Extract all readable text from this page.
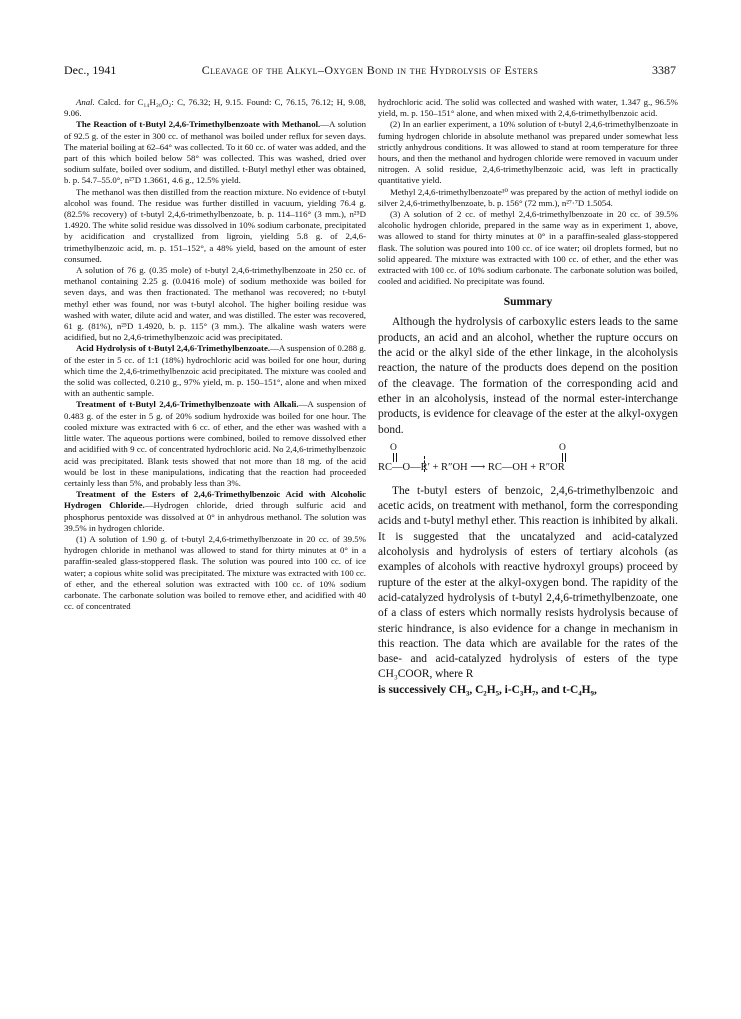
Dec., 1941	Cleavage of the Alkyl–Oxygen Bond in the Hydrolysis of Esters	3387

Anal. Calcd. for C₁₄H₂₀O₂: C, 76.32; H, 9.15. Found: C, 76.15, 76.12; H, 9.08, 9.06.

The Reaction of t-Butyl 2,4,6-Trimethylbenzoate with Methanol.—A solution of 92.5 g. of the ester in 300 cc. of methanol was boiled under reflux for seven days. The material boiling at 62–64° was collected. To it 60 cc. of water was added, and the part of this which boiled below 58° was collected. This was washed, dried over sodium sulfate, boiled over sodium, and distilled. t-Butyl methyl ether was obtained, b. p. 54.7–55.0°, n²⁷D 1.3661, 4.6 g., 12.5% yield.

The methanol was then distilled from the reaction mixture. No evidence of t-butyl alcohol was found. The residue was further distilled in vacuum, yielding 76.4 g. (82.5% recovery) of t-butyl 2,4,6-trimethylbenzoate, b. p. 114–116° (3 mm.), n²⁵D 1.4920. The white solid residue was dissolved in 10% sodium carbonate, precipitated by acidification and crystallized from ligroin, yielding 5.8 g. of 2,4,6-trimethylbenzoic acid, m. p. 151–152°, a 48% yield, based on the amount of ester consumed.

A solution of 76 g. (0.35 mole) of t-butyl 2,4,6-trimethylbenzoate in 250 cc. of methanol containing 2.25 g. (0.0416 mole) of sodium methoxide was boiled for seven days, and was then fractionated. The methanol was recovered; no t-butyl methyl ether was found, nor was t-butyl alcohol. The higher boiling residue was washed with water, dilute acid and water, and was distilled. The ester was recovered, 61 g. (81%), n²⁵D 1.4920, b. p. 115° (3 mm.). The alkaline wash waters were acidified, but no 2,4,6-trimethylbenzoic acid was precipitated.

Acid Hydrolysis of t-Butyl 2,4,6-Trimethylbenzoate.—A suspension of 0.288 g. of the ester in 5 cc. of 1:1 (18%) hydrochloric acid was boiled for one hour, during which time the 2,4,6-trimethylbenzoic acid precipitated. The mixture was cooled and the solid was collected, 0.210 g., 97% yield, m. p. 150–151°, alone and when mixed with an authentic sample.

Treatment of t-Butyl 2,4,6-Trimethylbenzoate with Alkali.—A suspension of 0.483 g. of the ester in 5 g. of 20% sodium hydroxide was boiled for one hour. The cooled mixture was extracted with 6 cc. of ether, and the ether was washed with a little water. The aqueous portions were combined, boiled to remove dissolved ether and acidified with 9 cc. of concentrated hydrochloric acid. No 2,4,6-trimethylbenzoic acid was precipitated. Blank tests showed that not more than 18 mg. of the acid would be lost in these manipulations, indicating that the reaction had proceeded certainly less than 5%, and probably less than 3%.

Treatment of the Esters of 2,4,6-Trimethylbenzoic Acid with Alcoholic Hydrogen Chloride.—Hydrogen chloride, dried through sulfuric acid and phosphorus pentoxide was dissolved at 0° in anhydrous methanol. The solution was 39.5% in hydrogen chloride.

(1) A solution of 1.90 g. of t-butyl 2,4,6-trimethylbenzoate in 20 cc. of 39.5% hydrogen chloride in methanol was allowed to stand for thirty minutes at 0° in a paraffin-sealed glass-stoppered flask. The solution was poured into 100 cc. of ice water; a copious white solid was precipitated. The mixture was extracted with 100 cc. of ether, and the ethereal solution was extracted with 100 cc. of 10% sodium carbonate. The carbonate solution was boiled to remove ether, and acidified with 40 cc. of concentrated

hydrochloric acid. The solid was collected and washed with water, 1.347 g., 96.5% yield, m. p. 150–151° alone, and when mixed with 2,4,6-trimethylbenzoic acid.

(2) In an earlier experiment, a 10% solution of t-butyl 2,4,6-trimethylbenzoate in fuming hydrogen chloride in absolute methanol was prepared under somewhat less strictly anhydrous conditions. It was allowed to stand at room temperature for three hours, and then the methanol and hydrogen chloride were removed in vacuum under nitrogen. A solid residue, 2,4,6-trimethylbenzoic acid, was left in practically quantitative yield.

Methyl 2,4,6-trimethylbenzoate¹⁰ was prepared by the action of methyl iodide on silver 2,4,6-trimethylbenzoate, b. p. 156° (72 mm.), n²⁷·⁷D 1.5054.

(3) A solution of 2 cc. of methyl 2,4,6-trimethylbenzoate in 20 cc. of 39.5% alcoholic hydrogen chloride, prepared in the same way as in experiment 1, above, was allowed to stand for thirty minutes at 0° in a paraffin-sealed glass-stoppered flask. The solution was poured into 100 cc. of ice water; oil droplets formed, but no solid appeared. The mixture was extracted with 100 cc. of ether, and the ether was extracted with 100 cc. of 10% sodium carbonate. The carbonate solution was boiled, cooled and acidified. No precipitate was found.

Summary

Although the hydrolysis of carboxylic esters leads to the same products, an acid and an alcohol, whether the rupture occurs on the acid or the alkyl side of the ether linkage, in the alcoholysis reaction, the nature of the products does depend on the position of the cleavage. The formation of the corresponding acid and ether in an alcoholysis, instead of the normal ester-interchange products, is evidence for cleavage of the ester at the alkyl-oxygen bond.

O	O
RC—O—R′ + R″OH ⟶ RC—OH + R″OR

The t-butyl esters of benzoic, 2,4,6-trimethylbenzoic and acetic acids, on treatment with methanol, form the corresponding acids and t-butyl methyl ether. This reaction is inhibited by alkali. It is suggested that the uncatalyzed and acid-catalyzed alcoholysis and hydrolysis of esters of tertiary alcohols (as examples of alcohols with reactive hydroxyl groups) proceed by rupture of the ester at the alkyl-oxygen bond. The rapidity of the acid-catalyzed hydrolysis of t-butyl 2,4,6-trimethylbenzoate, one of a class of esters which normally resists hydrolysis because of steric hindrance, is also evidence for a change in mechanism in this reaction. The data which are available for the rates of the base- and acid-catalyzed hydrolysis of esters of the type CH₃COOR, where R

is successively CH₃, C₂H₅, i-C₃H₇, and t-C₄H₉,
